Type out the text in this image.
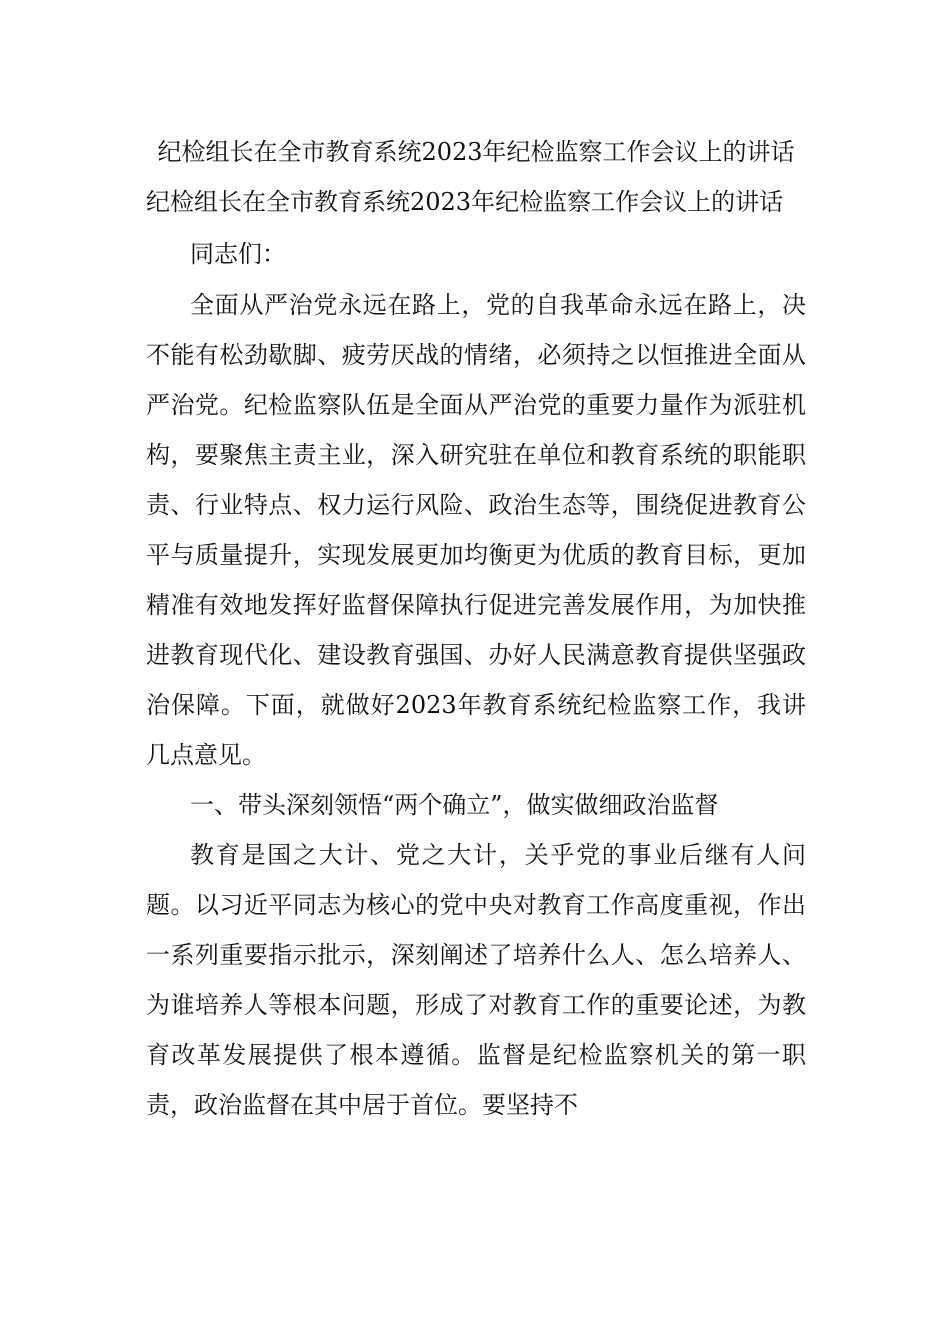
纪检组长在全市教育系统2023年纪检监察工作会议上的讲话
纪检组长在全市教育系统2023年纪检监察工作会议上的讲话

同志们：

全面从严治党永远在路上，党的自我革命永远在路上，决不能有松劲歇脚、疲劳厌战的情绪，必须持之以恒推进全面从严治党。纪检监察队伍是全面从严治党的重要力量作为派驻机构，要聚焦主责主业，深入研究驻在单位和教育系统的职能职责、行业特点、权力运行风险、政治生态等，围绕促进教育公平与质量提升，实现发展更加均衡更为优质的教育目标，更加精准有效地发挥好监督保障执行促进完善发展作用，为加快推进教育现代化、建设教育强国、办好人民满意教育提供坚强政治保障。下面，就做好2023年教育系统纪检监察工作，我讲几点意见。

一、带头深刻领悟“两个确立”，做实做细政治监督

教育是国之大计、党之大计，关乎党的事业后继有人问题。以习近平同志为核心的党中央对教育工作高度重视，作出一系列重要指示批示，深刻阐述了培养什么人、怎么培养人、为谁培养人等根本问题，形成了对教育工作的重要论述，为教育改革发展提供了根本遵循。监督是纪检监察机关的第一职责，政治监督在其中居于首位。要坚持不
